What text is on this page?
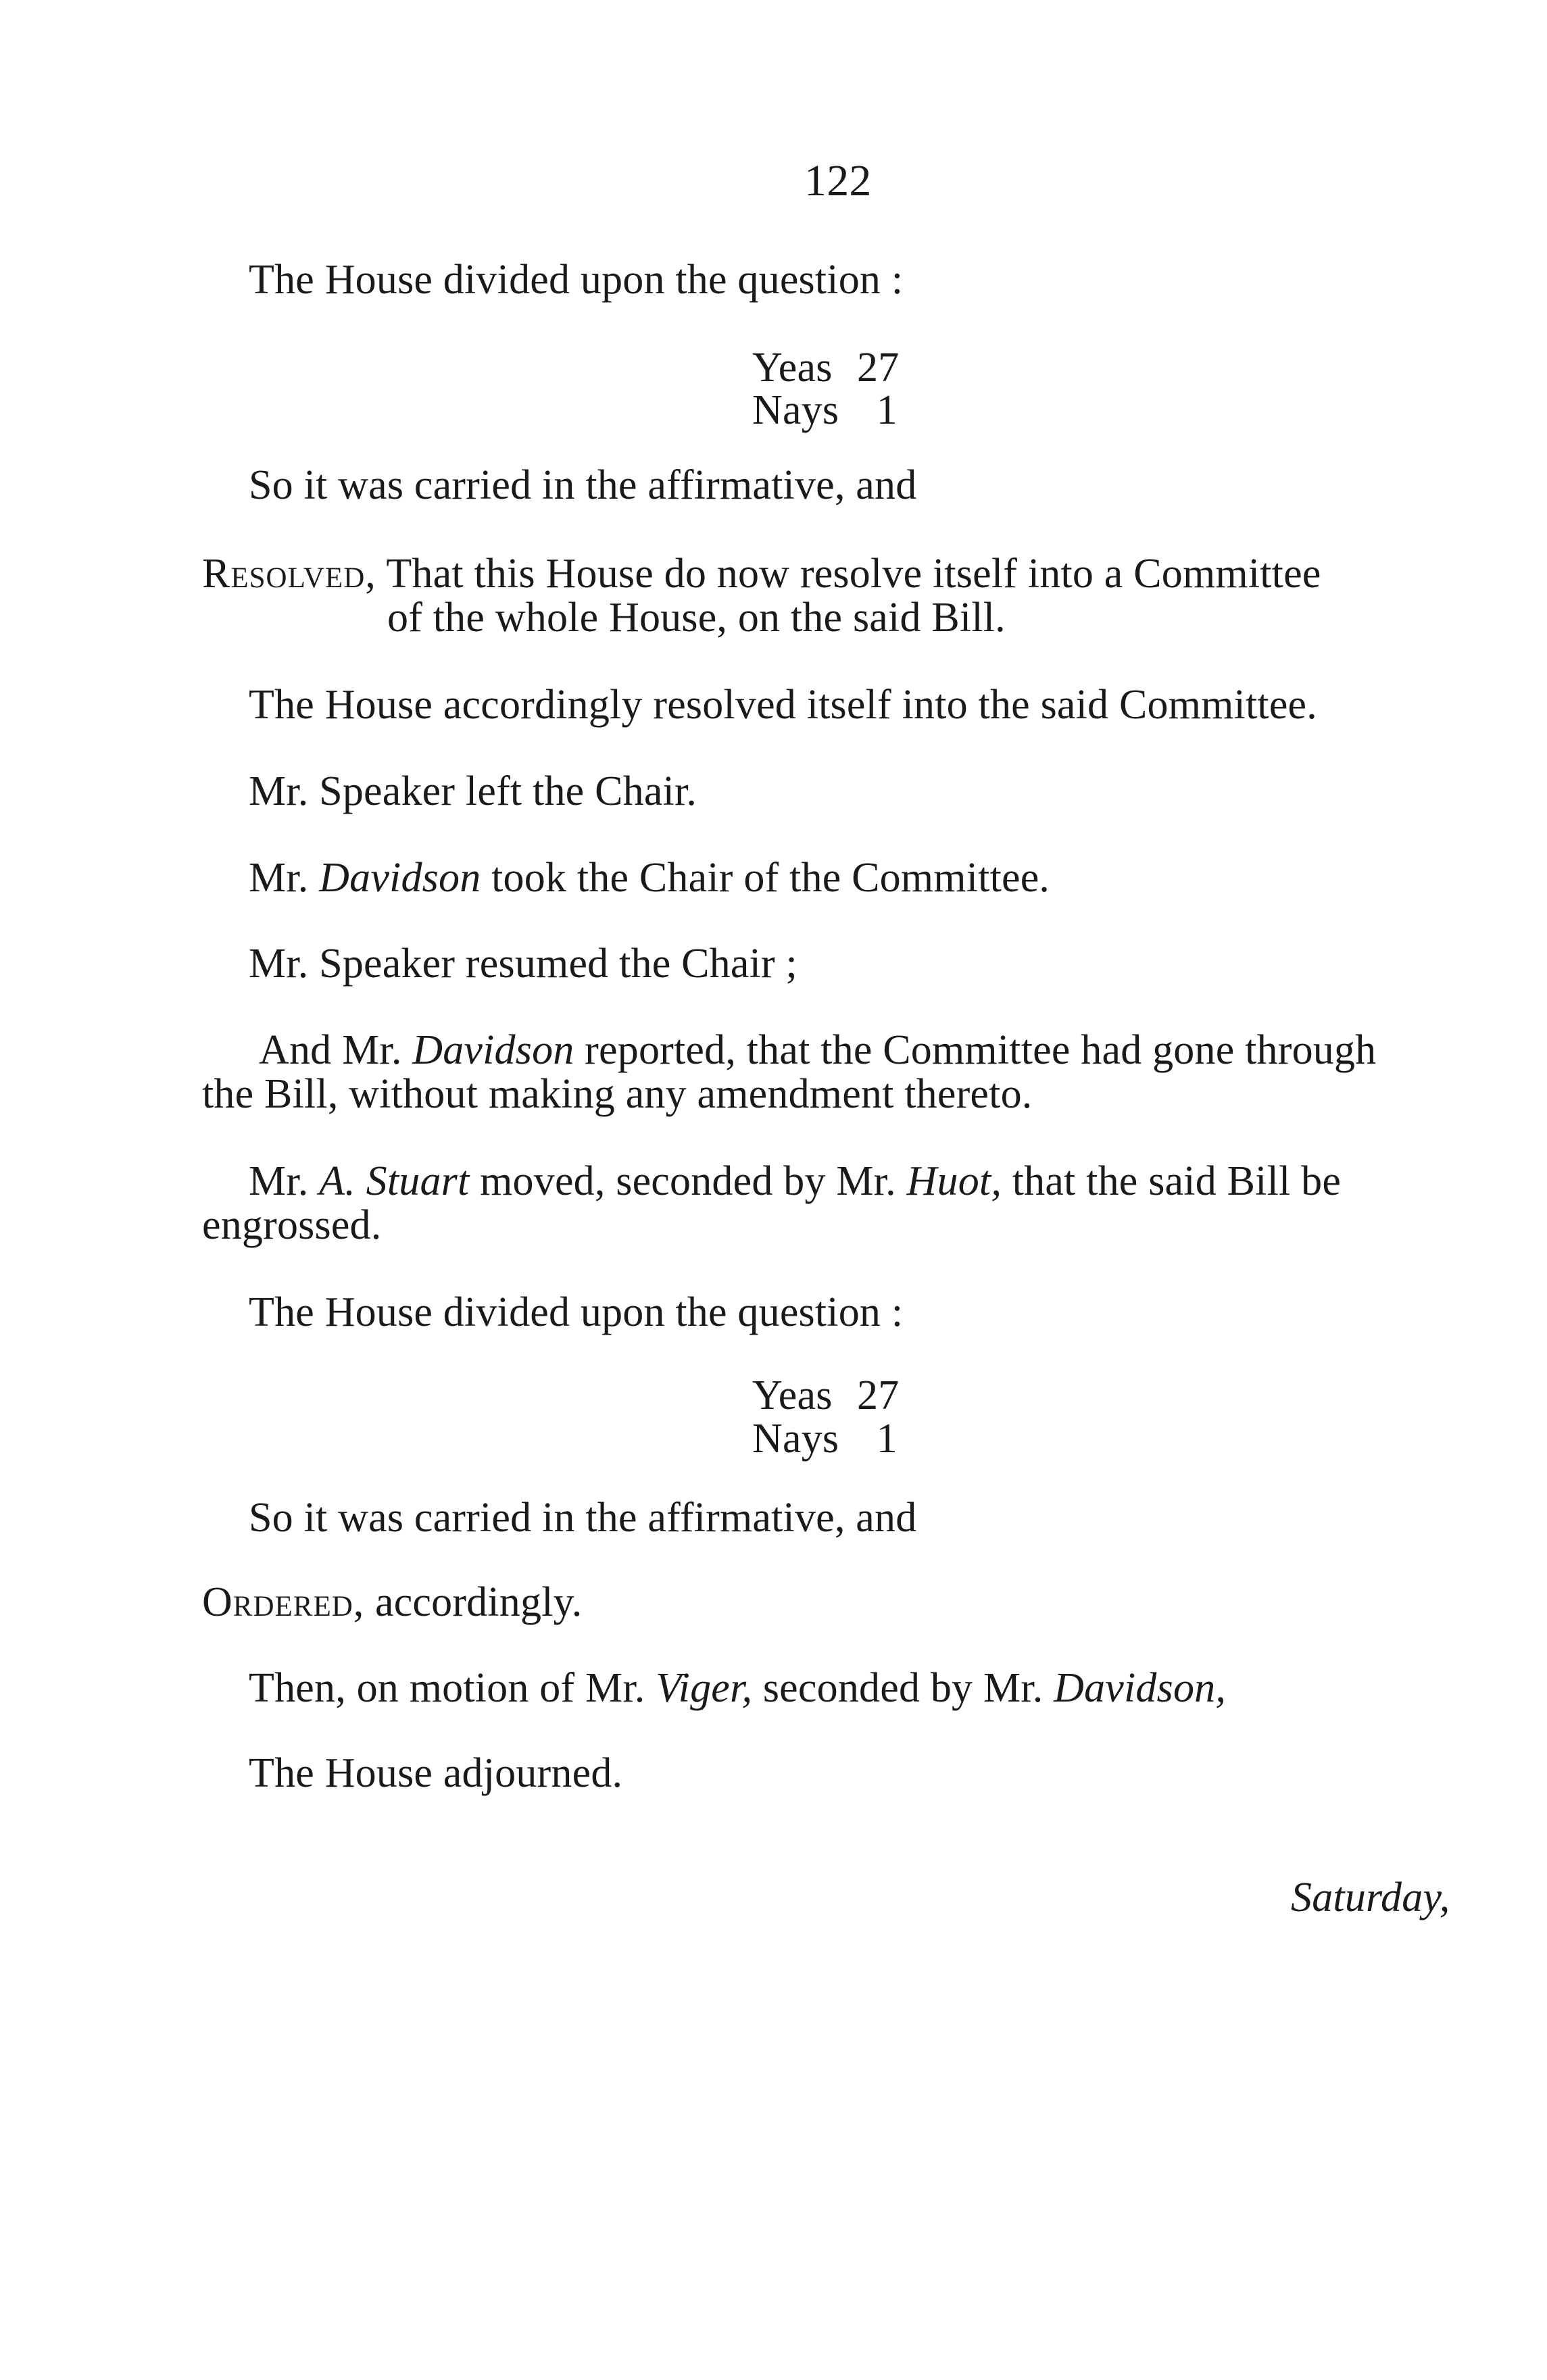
122
The House divided upon the question :
Yeas 27
Nays 1
So it was carried in the affirmative, and
Resolved, That this House do now resolve itself into a Committee
of the whole House, on the said Bill.
The House accordingly resolved itself into the said Committee.
Mr. Speaker left the Chair.
Mr. Davidson took the Chair of the Committee.
Mr. Speaker resumed the Chair ;
And Mr. Davidson reported, that the Committee had gone through
the Bill, without making any amendment thereto.
Mr. A. Stuart moved, seconded by Mr. Huot, that the said Bill be
engrossed.
The House divided upon the question :
Yeas 27
Nays 1
So it was carried in the affirmative, and
Ordered, accordingly.
Then, on motion of Mr. Viger, seconded by Mr. Davidson,
The House adjourned.
Saturday,
